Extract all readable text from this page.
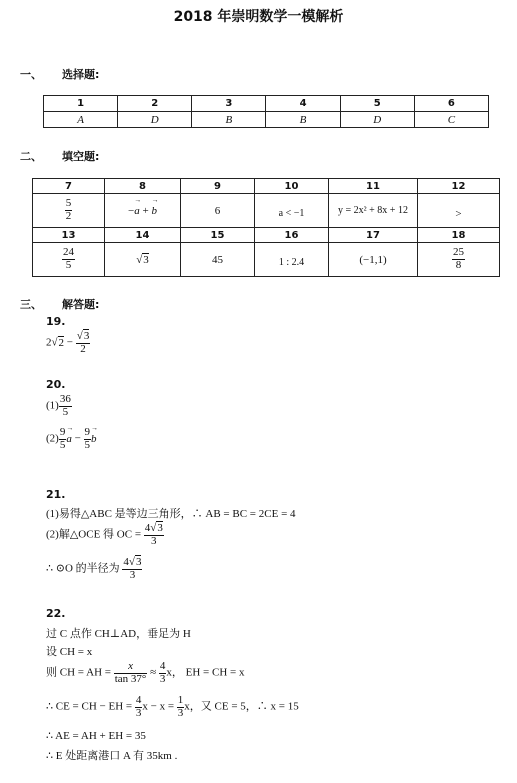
2018 年崇明数学一模解析
一、 选择题:
1	2	3	4	5	6
A	D	B	B	D	C
二、 填空题:
7	8	9	10	11	12

$\frac{5}{2}$	−→ a + → b	6	a < −1	y = 2x² + 8x + 12	>
13	14	15	16	17	18

$\frac{24}{5}$	√3	45	1 : 2.4	(−1,1)	$\frac{25}{8}$
三、 解答题:
19.
$2√2 - \frac{√3}{2}$
20.
$(1) \frac{36}{5}$
$(2) \frac{9}{5} \to a - \frac{9}{5} \to b$
21.
(1)易得△ABC 是等边三角形，∴ AB = BC = 2CE = 4
(2)解△OCE 得 OC = $\frac{4√3}{3}$
∴ ⊙O 的半径为 $\frac{4√3}{3}$
22.
过 C 点作 CH⊥AD，垂足为 H
设 CH = x
则 CH = AH = $\frac{x}{\tan 37^\circ} \approx \frac{4}{3}$ x， EH = CH = x
∴ CE = CH − EH = $\frac{4}{3}$ $x - x = \frac{1}{3}$ x，又 CE = 5，∴ x = 15
∴ AE = AH + EH = 35
∴ E 处距离港口 A 有 35km .
